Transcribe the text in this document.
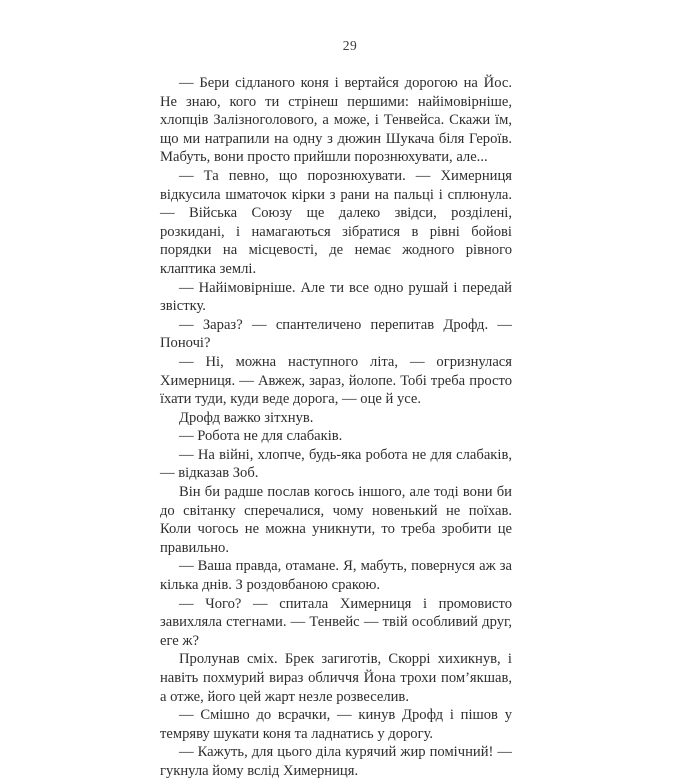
29

— Бери сідланого коня і вертайся дорогою на Йос. Не знаю, кого ти стрінеш першими: найімовірніше, хлопців Залізноголового, а може, і Тенвейса. Скажи їм, що ми натрапили на одну з дюжин Шукача біля Героїв. Мабуть, вони просто прийшли порознюхувати, але...

— Та певно, що порознюхувати. — Химерниця відкусила шматочок кірки з рани на пальці і сплюнула. — Війська Союзу ще далеко звідси, розділені, розкидані, і намагаються зібратися в рівні бойові порядки на місцевості, де немає жодного рівного клаптика землі.

— Найімовірніше. Але ти все одно рушай і передай звістку.

— Зараз? — спантеличено перепитав Дрофд. — Поночі?

— Ні, можна наступного літа, — огризнулася Химерниця. — Авжеж, зараз, йолопе. Тобі треба просто їхати туди, куди веде дорога, — оце й усе.

Дрофд важко зітхнув.

— Робота не для слабаків.

— На війні, хлопче, будь-яка робота не для слабаків, — відказав Зоб.

Він би радше послав когось іншого, але тоді вони би до світанку сперечалися, чому новенький не поїхав. Коли чогось не можна уникнути, то треба зробити це правильно.

— Ваша правда, отамане. Я, мабуть, повернуся аж за кілька днів. З роздовбаною сракою.

— Чого? — спитала Химерниця і промовисто завихляла стегнами. — Тенвейс — твій особливий друг, еге ж?

Пролунав сміх. Брек загиготів, Скоррі хихикнув, і навіть похмурий вираз обличчя Йона трохи пом’якшав, а отже, його цей жарт незле розвеселив.

— Смішно до всрачки, — кинув Дрофд і пішов у темряву шукати коня та ладнатись у дорогу.

— Кажуть, для цього діла курячий жир помічний! — гукнула йому вслід Химерниця.
